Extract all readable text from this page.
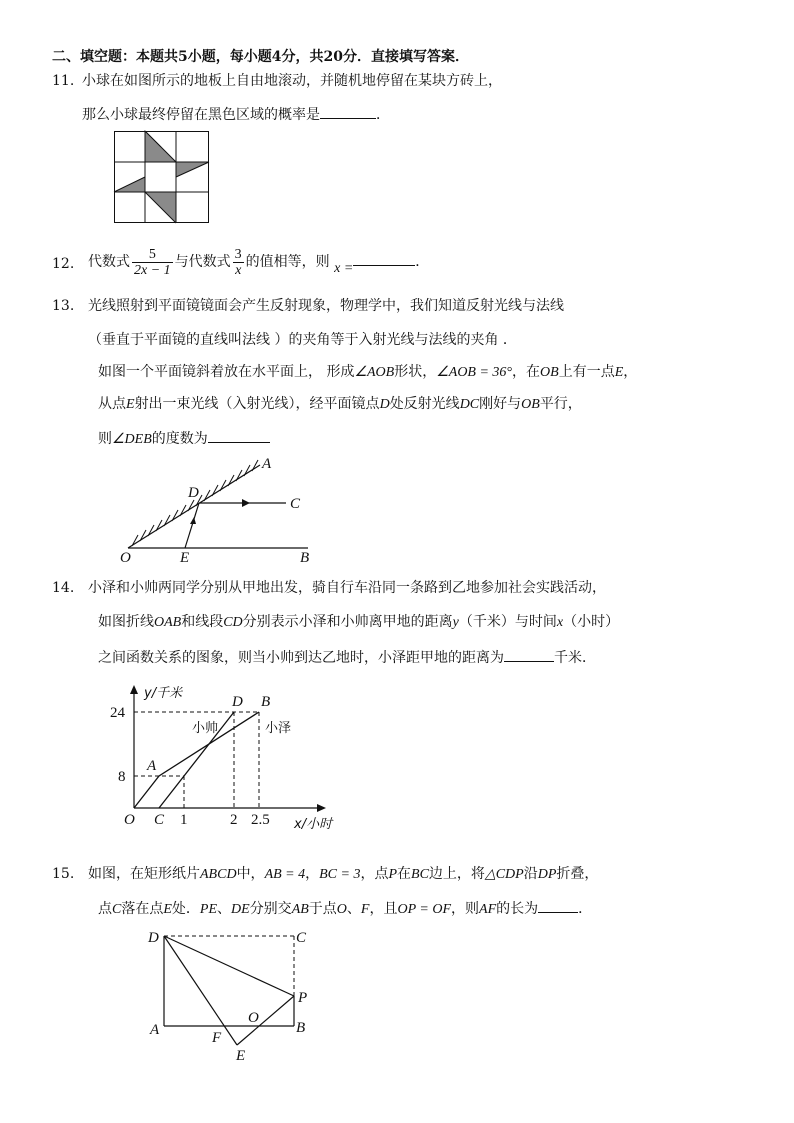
二、填空题：本题共5小题，每小题4分，共20分．直接填写答案．
11. 小球在如图所示的地板上自由地滚动，并随机地停留在某块方砖上，
那么小球最终停留在黑色区域的概率是	．
12. 代数式 $\frac{5}{2x - 1}$ 与代数式 $\frac{3}{x}$ 的值相等，则 x =	．
13. 光线照射到平面镜镜面会产生反射现象，物理学中，我们知道反射光线与法线
（垂直于平面镜的直线叫法线 ）的夹角等于入射光线与法线的夹角 ．
如图一个平面镜斜着放在水平面上， 形成∠AOB形状，∠AOB = 36°，在OB上有一点E，
从点E射出一束光线（入射光线），经平面镜点D处反射光线DC刚好与OB平行，
则∠DEB的度数为
A
D
C
O	E	B
14. 小泽和小帅两同学分别从甲地出发，骑自行车沿同一条路到乙地参加社会实践活动，
如图折线OAB和线段CD分别表示小泽和小帅离甲地的距离y（千米）与时间x（小时）
之间函数关系的图象，则当小帅到达乙地时，小泽距甲地的距离为	千米．
O C 1	2 2.5
8
24
x/小时
y/千米
A
D B
小帅	小泽
15. 如图，在矩形纸片ABCD中，AB = 4，BC = 3，点P在BC边上，将△CDP沿DP折叠，
点C落在点E处．PE、DE分别交AB于点O、F，且OP = OF，则AF的长为	．
D	C
P
B
A
O
F
E
